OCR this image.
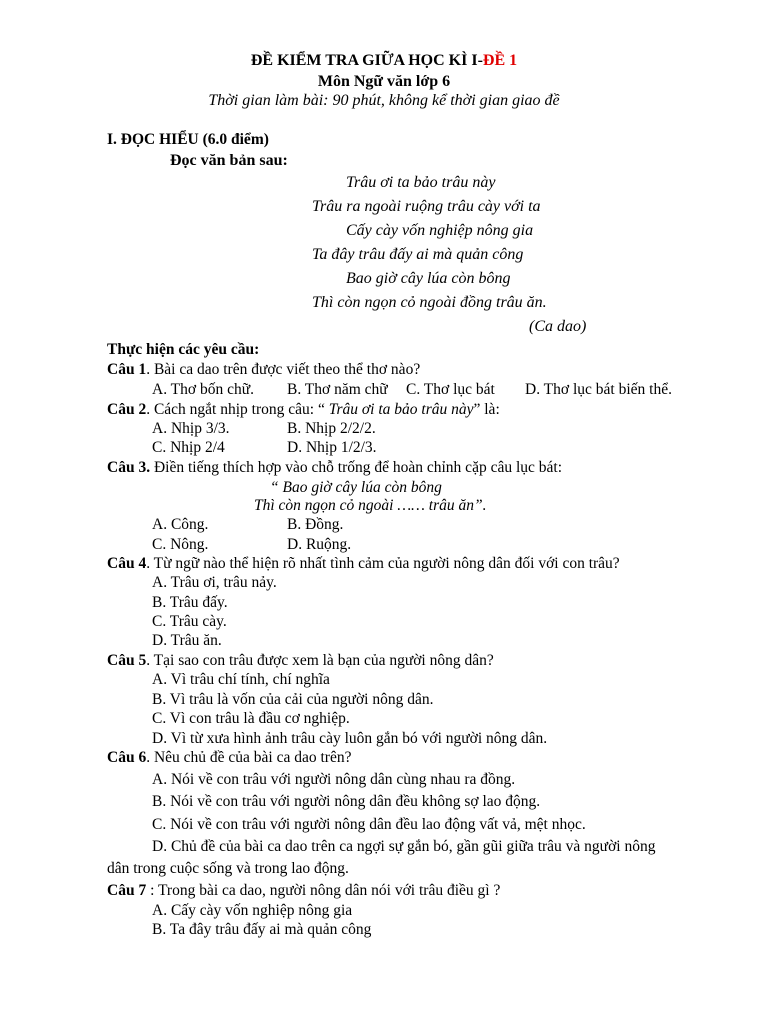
ĐỀ KIỂM TRA GIỮA HỌC KÌ I-ĐỀ 1
Môn Ngữ văn lớp 6
Thời gian làm bài: 90 phút, không kể thời gian giao đề
I. ĐỌC HIỂU (6.0 điểm)
Đọc văn bản sau:
Trâu ơi ta bảo trâu này
Trâu ra ngoài ruộng trâu cày với ta
Cấy cày vốn nghiệp nông gia
Ta đây trâu đấy ai mà quản công
Bao giờ cây lúa còn bông
Thì còn ngọn cỏ ngoài đồng trâu ăn.
(Ca dao)
Thực hiện các yêu cầu:
Câu 1. Bài ca dao trên được viết theo thể thơ nào?
A. Thơ bốn chữ. B. Thơ năm chữ C. Thơ lục bát D. Thơ lục bát biến thể.
Câu 2. Cách ngắt nhịp trong câu: “ Trâu ơi ta bảo trâu này” là:
A. Nhịp 3/3.	B. Nhịp 2/2/2.
C. Nhịp 2/4	D. Nhịp 1/2/3.
Câu 3. Điền tiếng thích hợp vào chỗ trống để hoàn chỉnh cặp câu lục bát:
“ Bao giờ cây lúa còn bông
Thì còn ngọn cỏ ngoài …… trâu ăn”.
A. Công.	B. Đồng.
C. Nông.	D. Ruộng.
Câu 4. Từ ngữ nào thể hiện rõ nhất tình cảm của người nông dân đối với con trâu?
A. Trâu ơi, trâu nảy.
B. Trâu đấy.
C. Trâu cày.
D. Trâu ăn.
Câu 5. Tại sao con trâu được xem là bạn của người nông dân?
A. Vì trâu chí tính, chí nghĩa
B. Vì trâu là vốn của cải của người nông dân.
C. Vì con trâu là đầu cơ nghiệp.
D. Vì từ xưa hình ảnh trâu cày luôn gắn bó với người nông dân.
Câu 6. Nêu chủ đề của bài ca dao trên?
A. Nói về con trâu với người nông dân cùng nhau ra đồng.
B. Nói về con trâu với người nông dân đều không sợ lao động.
C. Nói về con trâu với người nông dân đều lao động vất vả, mệt nhọc.
D. Chủ đề của bài ca dao trên ca ngợi sự gắn bó, gần gũi giữa trâu và người nông
dân trong cuộc sống và trong lao động.
Câu 7 : Trong bài ca dao, người nông dân nói với trâu điều gì ?
A. Cấy cày vốn nghiệp nông gia
B. Ta đây trâu đấy ai mà quản công
